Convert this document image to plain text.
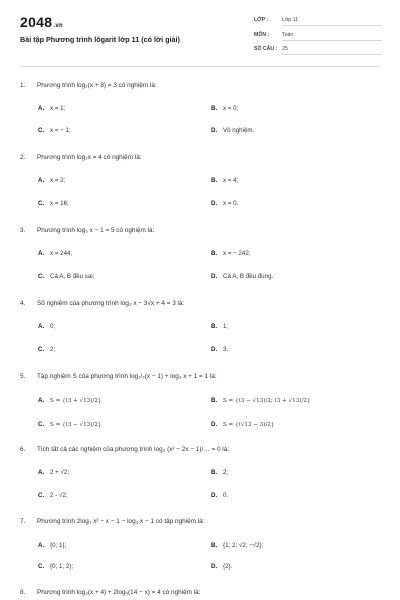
2048.vn
Bài tập Phương trình lôgarit lớp 11 (có lời giải)
LỚP :	Lớp 11
MÔN : Toán
SỐ CÂU : 25
1. Phương trình log₂(x + 8) = 3 có nghiệm là:
A. x = 1;	B. x = 0;
C. x = − 1;	D. Vô nghiệm.
2. Phương trình log₂x = 4 có nghiệm là:
A. x = 2;	B. x = 4;
C. x = 16;	D. x = 0.
3. Phương trình log₃ x − 1 = 5 có nghiệm là:
A. x = 244;	B. x = − 242;
C. Cả A, B đều sai;	D. Cả A, B đều đúng.
4. Số nghiệm của phương trình log₃ x − 3√x + 4 = 3 là:
A. 0;	B. 1;
C. 2;	D. 3.
5. Tập nghiệm S của phương trình log₁/₃(x − 1) + log₃ x + 1 = 1 là:
A. S = {(3 + √13)/2}	B. S = {(3 − √13)/2; (3 + √13)/2}
C. S = {(3 − √13)/2}	D. S = {(√13 − 3)/2}
6. Tích tất cả các nghiệm của phương trình log₃ (x² − 2x − 1)/… = 0 là:
A. 2 + √2;	B. 2;
C. 2 - √2;	D. 0.
7. Phương trình 2log₃ x² − x − 1 − log₃ x − 1 có tập nghiệm là:
A. {0; 1};	B. {1; 2; √2; −√2};
C. {0; 1; 2};	D. {2}.
8. Phương trình log₃(x + 4) + 2log₉(14 − x) = 4 có nghiệm là:
